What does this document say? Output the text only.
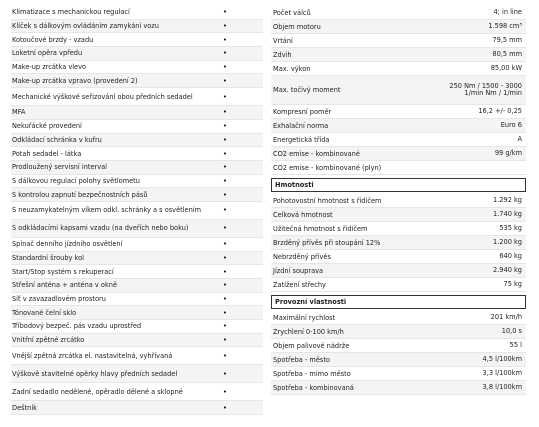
Klimatizace s mechanickou regulací	•
Klíček s dálkovým ovládáním zamykání vozu	•
Kotoučové brzdy - vzadu	•
Loketní opěra vpředu	•
Make-up zrcátka vlevo	•
Make-up zrcátka vpravo (provedení 2)	•
Mechanické výškové seřizování obou předních sedadel	•
MFA	•
Nekuřácké provedení	•
Odkládací schránka v kufru	•
Potah sedadel - látka	•
Prodloužený servisní interval	•
S dálkovou regulací polohy světlometu	•
S kontrolou zapnutí bezpečnostních pásů	•
S neuzamykatelným víkem odkl. schránky a s osvětlením	•
S odkládacími kapsami vzadu (na dveřích nebo boku)	•
Spínač denního jízdního osvětlení	•
Standardní šrouby kol	•
Start/Stop systém s rekuperací	•
Střešní anténa + anténa v okně	•
Síť v zavazadlovém prostoru	•
Tónované čelní sklo	•
Tříbodový bezpeč. pás vzadu uprostřed	•
Vnitřní zpětné zrcátko	•
Vnější zpětná zrcátka el. nastavitelná, vyhřívaná	•
Výškově stavitelné opěrky hlavy předních sedadel	•
Zadní sedadlo nedělené, opěradlo dělené a sklopné	•
Deštník	•
Počet válců	4; in line
Objem motoru	1.598 cm³
Vrtání	79,5 mm
Zdvih	80,5 mm
Max. výkon	85,00 kW
Max. točivý moment	250 Nm / 1500 - 3000 1/min Nm / 1/min
Kompresní poměr	16,2 +/- 0,25
Exhalační norma	Euro 6
Energetická třída	A
CO2 emise - kombinované	99 g/km
CO2 emise - kombinované (plyn)
Hmotnosti
Pohotovostní hmotnost s řidičem	1.292 kg
Celková hmotnost	1.740 kg
Užitečná hmotnost s řidičem	535 kg
Brzděný přívěs při stoupání 12%	1.200 kg
Nebrzděný přívěs	640 kg
Jízdní souprava	2.940 kg
Zatížení střechy	75 kg
Provozní vlastnosti
Maximální rychlost	201 km/h
Zrychlení 0-100 km/h	10,0 s
Objem palivové nádrže	55 l
Spotřeba - město	4,5 l/100km
Spotřeba - mimo město	3,3 l/100km
Spotřeba - kombinovaná	3,8 l/100km
